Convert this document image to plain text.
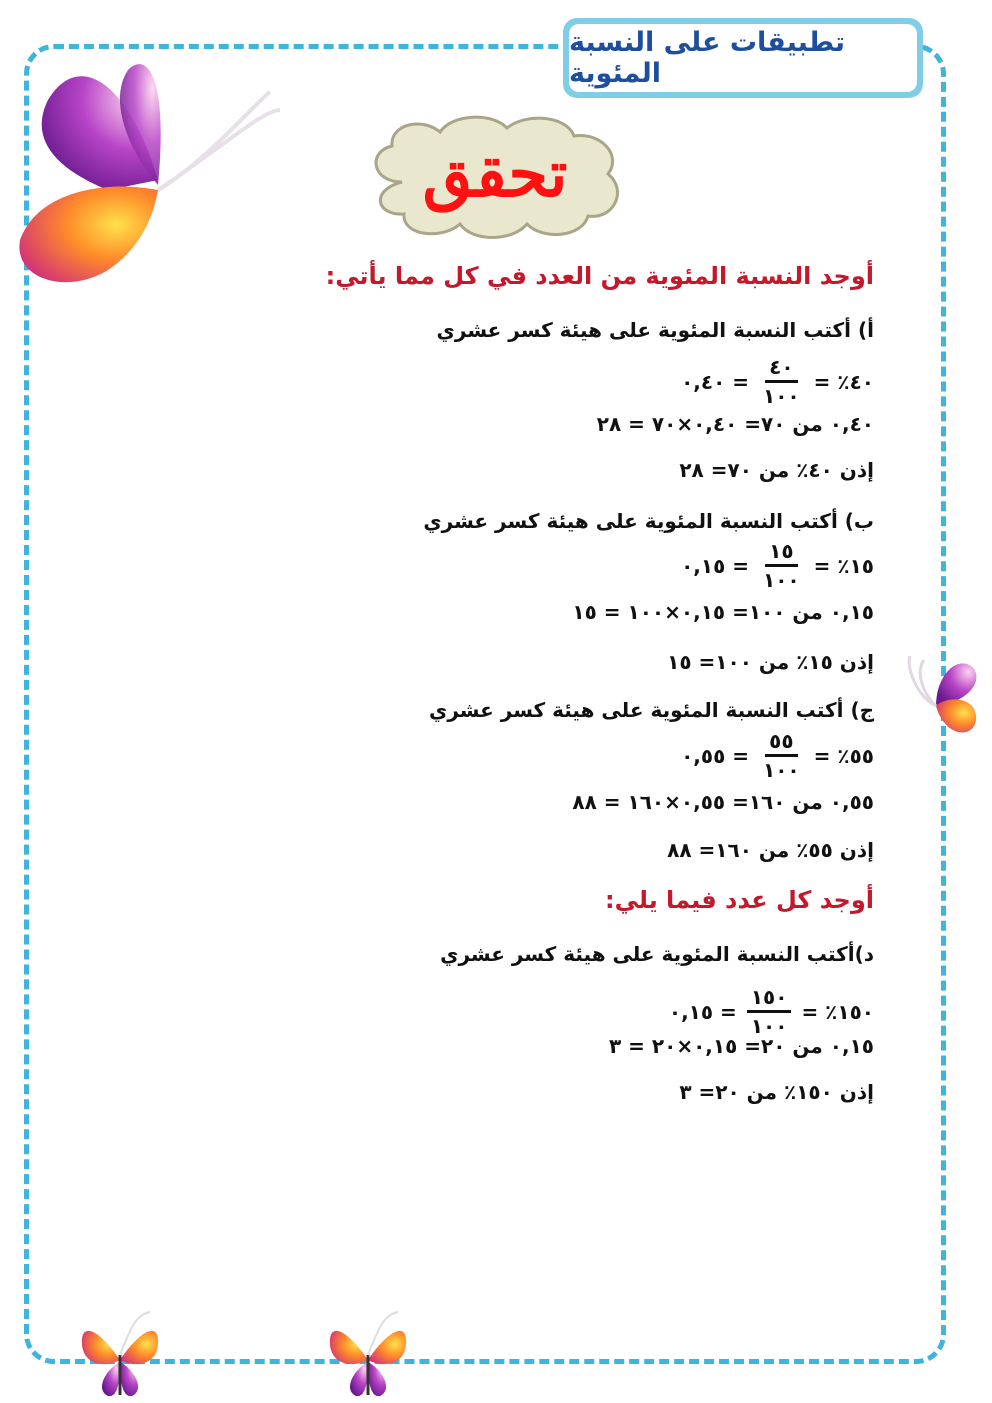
تطبيقات على النسبة المئوية
تحقق
أوجد النسبة المئوية من العدد في كل مما يأتي:
أ) أكتب النسبة المئوية على هيئة كسر عشري
٤٠٪ =
$\frac{٤٠}{١٠٠}$
= ٠,٤٠
٠,٤٠ من ٧٠= ٠,٤٠×٧٠ = ٢٨
إذن ٤٠٪ من ٧٠= ٢٨
ب) أكتب النسبة المئوية على هيئة كسر عشري
١٥٪ =
$\frac{١٥}{١٠٠}$
= ٠,١٥
٠,١٥ من ١٠٠= ٠,١٥×١٠٠ = ١٥
إذن ١٥٪ من ١٠٠= ١٥
ج) أكتب النسبة المئوية على هيئة كسر عشري
٥٥٪ =
$\frac{٥٥}{١٠٠}$
= ٠,٥٥
٠,٥٥ من ١٦٠= ٠,٥٥×١٦٠ = ٨٨
إذن ٥٥٪ من ١٦٠= ٨٨
أوجد كل عدد فيما يلي:
د)أكتب النسبة المئوية على هيئة كسر عشري
١٥٠٪ =
$\frac{١٥٠}{١٠٠}$
= ٠,١٥
٠,١٥ من ٢٠= ٠,١٥×٢٠ = ٣
إذن ١٥٠٪ من ٢٠= ٣
